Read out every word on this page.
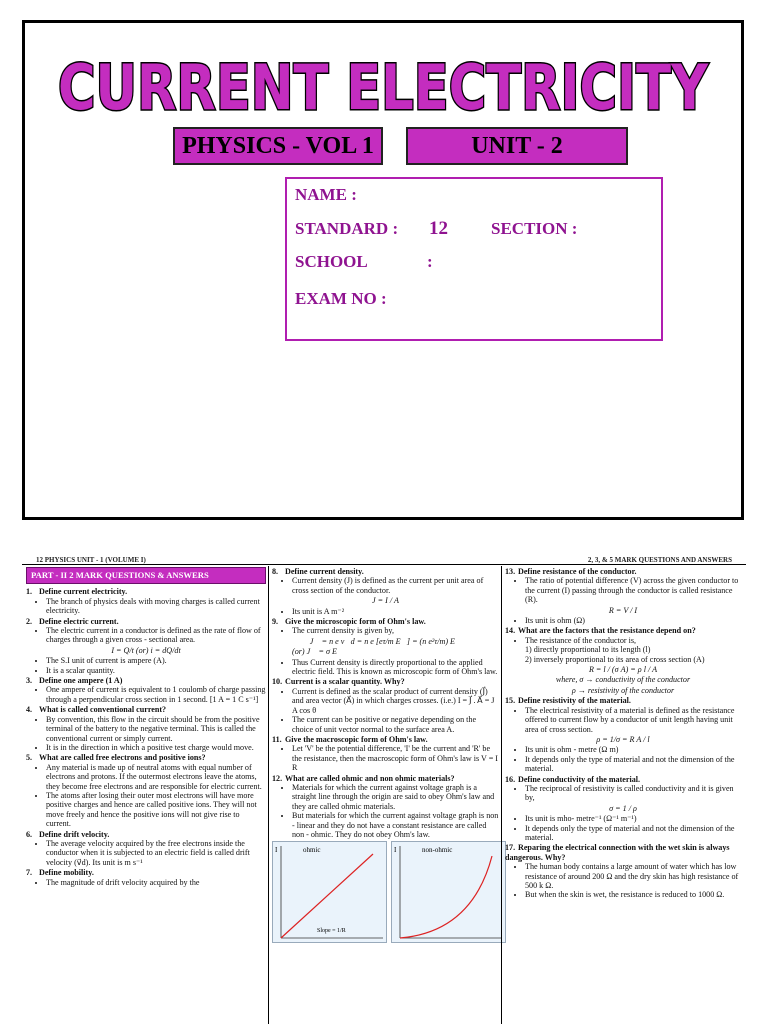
CURRENT ELECTRICITY
PHYSICS - VOL 1	UNIT - 2
NAME :
STANDARD : 12	SECTION :
SCHOOL	:
EXAM NO :
12 PHYSICS UNIT - 1 (VOLUME I)	2, 3, & 5 MARK QUESTIONS AND ANSWERS
PART - II 2 MARK QUESTIONS & ANSWERS
1. Define current electricity.
• The branch of physics deals with moving charges is called current electricity.
2. Define electric current.
• The electric current in a conductor is defined as the rate of flow of charges through a given cross - sectional area.
I = Q/t (or) i = dQ/dt
• The S.I unit of current is ampere (A).
• It is a scalar quantity.
3. Define one ampere (1 A)
• One ampere of current is equivalent to 1 coulomb of charge passing through a perpendicular cross section in 1 second. [1 A = 1 C s⁻¹]
4. What is called conventional current?
• By convention, this flow in the circuit should be from the positive terminal of the battery to the negative terminal. This is called the conventional current or simply current.
• It is in the direction in which a positive test charge would move.
5. What are called free electrons and positive ions?
• Any material is made up of neutral atoms with equal number of electrons and protons. If the outermost electrons leave the atoms, they become free electrons and are responsible for electric current.
• The atoms after losing their outer most electrons will have more positive charges and hence are called positive ions. They will not move freely and hence the positive ions will not give rise to current.
6. Define drift velocity.
• The average velocity acquired by the free electrons inside the conductor when it is subjected to an electric field is called drift velocity (v⃗d). Its unit is m s⁻¹
7. Define mobility.
• The magnitude of drift velocity acquired by the
8. Define current density.
• Current density (J) is defined as the current per unit area of cross section of the conductor.
J = I / A
• Its unit is A m⁻²
9. Give the microscopic form of Ohm's law.
• The current density is given by,
J⃗ = n e v⃗d = n e [eτ/m E⃗] = (n e²τ/m) E⃗
(or) J⃗ = σ E⃗
• Thus Current density is directly proportional to the applied electric field. This is known as microscopic form of Ohm's law.
10. Current is a scalar quantity. Why?
• Current is defined as the scalar product of current density (J⃗) and area vector (A⃗) in which charges crosses. (i.e.) I = J⃗ . A⃗ = J A cos θ
• The current can be positive or negative depending on the choice of unit vector normal to the surface area A.
11. Give the macroscopic form of Ohm's law.
• Let 'V' be the potential difference, 'I' be the current and 'R' be the resistance, then the macroscopic form of Ohm's law is V = I R
12. What are called ohmic and non ohmic materials?
• Materials for which the current against voltage graph is a straight line through the origin are said to obey Ohm's law and they are called ohmic materials.
• But materials for which the current against voltage graph is non - linear and they do not have a constant resistance are called non - ohmic. They do not obey Ohm's law.
I	ohmic
Slope = 1/R
I	non-ohmic
13. Define resistance of the conductor.
• The ratio of potential difference (V) across the given conductor to the current (I) passing through the conductor is called resistance (R).
R = V / I
• Its unit is ohm (Ω)
14. What are the factors that the resistance depend on?
• The resistance of the conductor is,

1) directly proportional to its length (l)

2) inversely proportional to its area of cross section (A)

R = l / (σ A) = ρ l / A
where, σ → conductivity of the conductor
ρ → resistivity of the conductor
15. Define resistivity of the material.
• The electrical resistivity of a material is defined as the resistance offered to current flow by a conductor of unit length having unit area of cross section.
ρ = 1/σ = R A / l
• Its unit is ohm - metre (Ω m)
• It depends only the type of material and not the dimension of the material.
16. Define conductivity of the material.
• The reciprocal of resistivity is called conductivity and it is given by,
σ = 1 / ρ
• Its unit is mho- metre⁻¹ (Ω⁻¹ m⁻¹)
• It depends only the type of material and not the dimension of the material.
17. Reparing the electrical connection with the wet skin is always dangerous. Why?
• The human body contains a large amount of water which has low resistance of around 200 Ω and the dry skin has high resistance of 500 k Ω.
• But when the skin is wet, the resistance is reduced to 1000 Ω.
